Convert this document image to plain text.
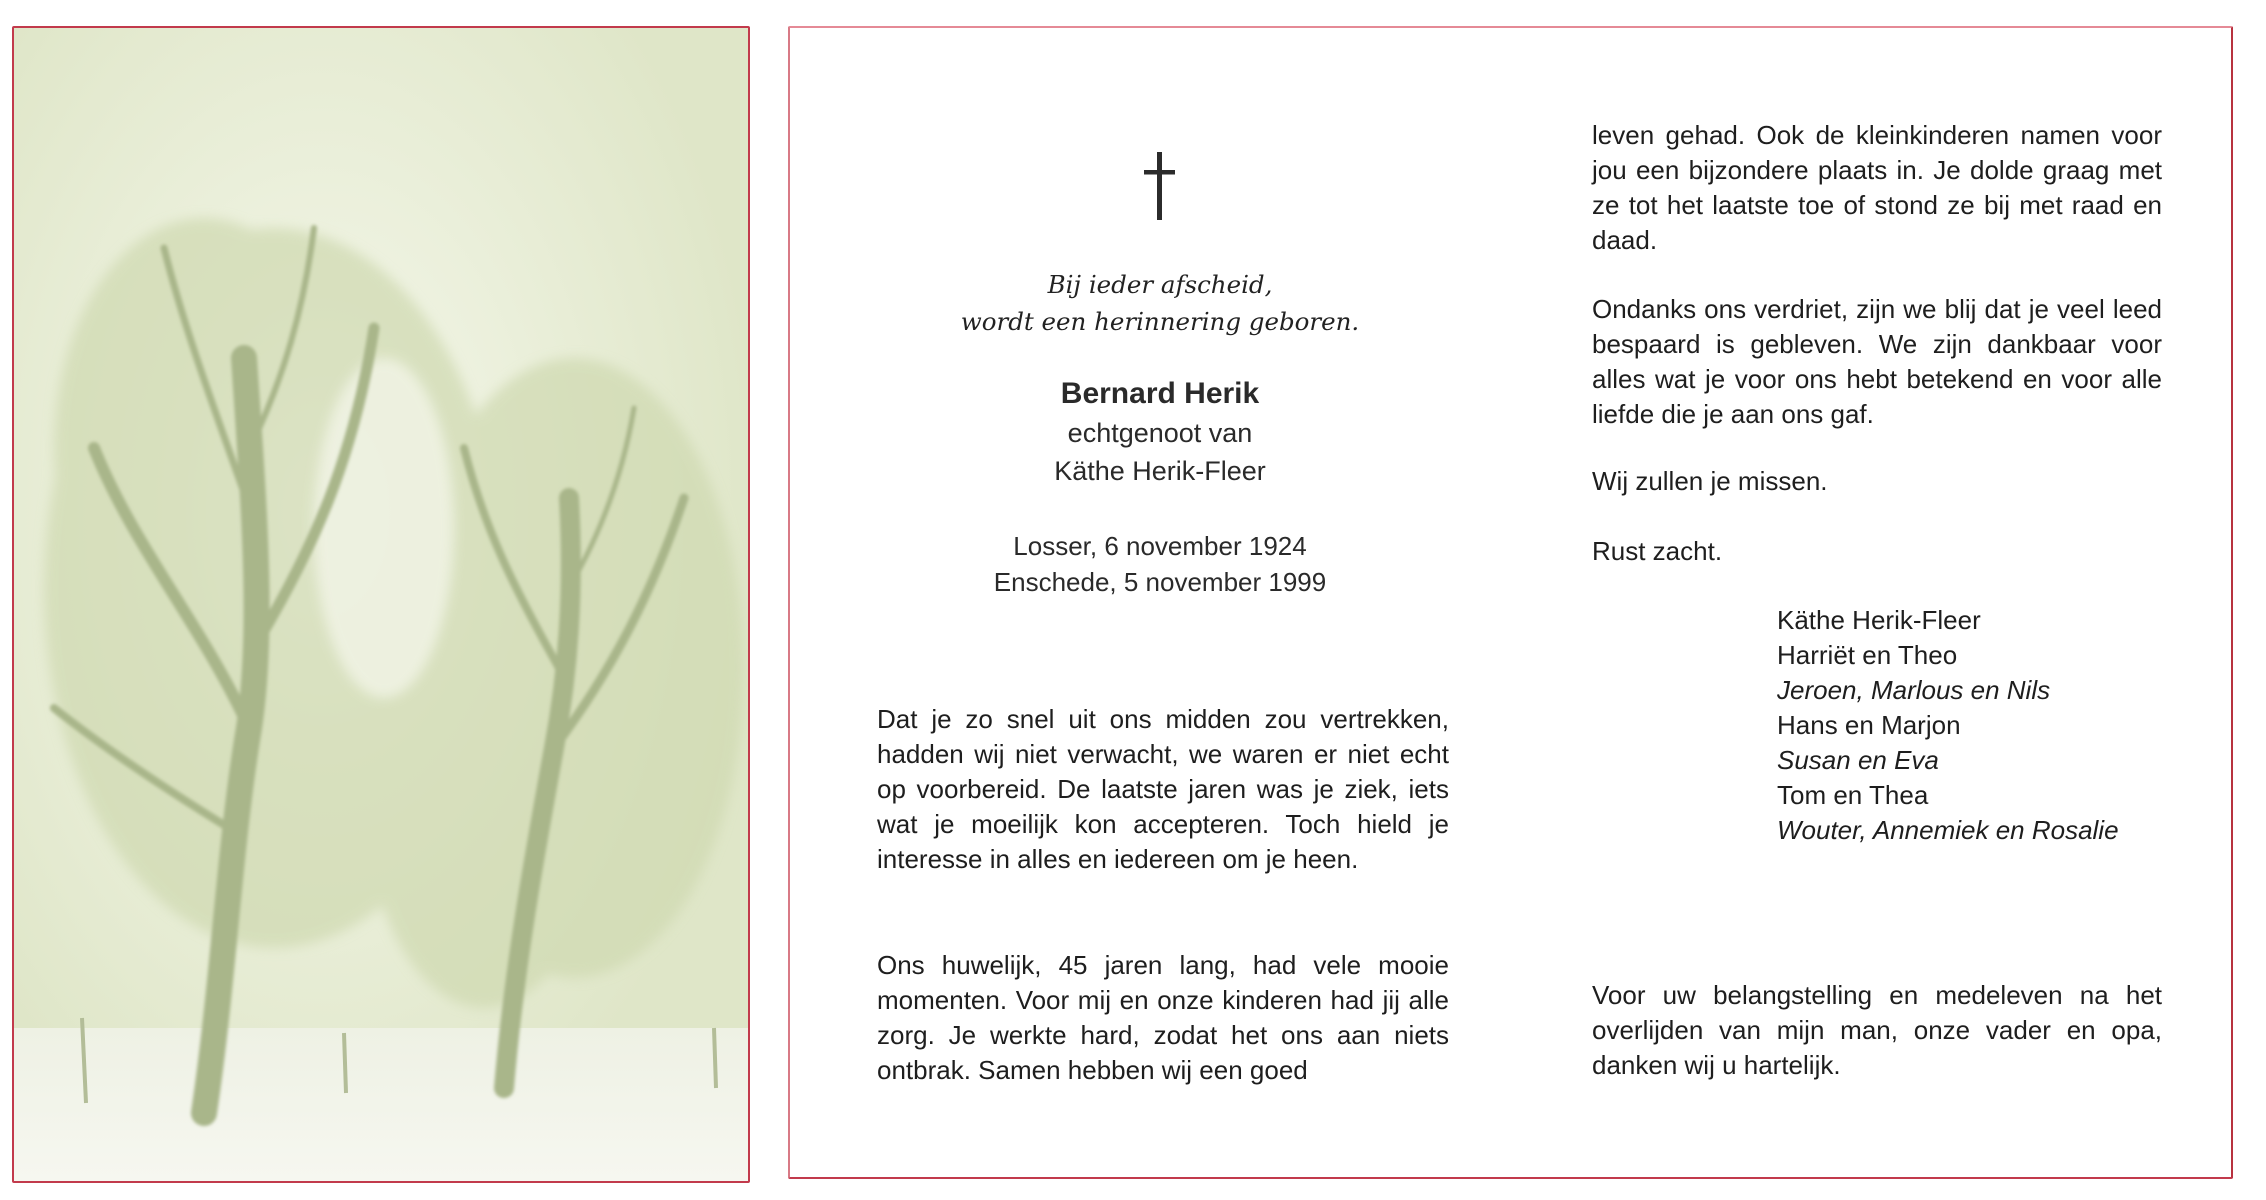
Bij ieder afscheid,
wordt een herinnering geboren.
Bernard Herik
echtgenoot van
Käthe Herik-Fleer
Losser, 6 november 1924
Enschede, 5 november 1999
Dat je zo snel uit ons midden zou vertrekken, hadden wij niet verwacht, we waren er niet echt op voorbereid. De laatste jaren was je ziek, iets wat je moeilijk kon accepteren. Toch hield je interesse in alles en iedereen om je heen.
Ons huwelijk, 45 jaren lang, had vele mooie momenten. Voor mij en onze kinderen had jij alle zorg. Je werkte hard, zodat het ons aan niets ontbrak. Samen hebben wij een goed
leven gehad. Ook de kleinkinderen namen voor jou een bijzondere plaats in. Je dolde graag met ze tot het laatste toe of stond ze bij met raad en daad.
Ondanks ons verdriet, zijn we blij dat je veel leed bespaard is gebleven. We zijn dankbaar voor alles wat je voor ons hebt betekend en voor alle liefde die je aan ons gaf.
Wij zullen je missen.
Rust zacht.
Käthe Herik-Fleer
Harriët en Theo
Jeroen, Marlous en Nils
Hans en Marjon
Susan en Eva
Tom en Thea
Wouter, Annemiek en Rosalie
Voor uw belangstelling en medeleven na het overlijden van mijn man, onze vader en opa, danken wij u hartelijk.
